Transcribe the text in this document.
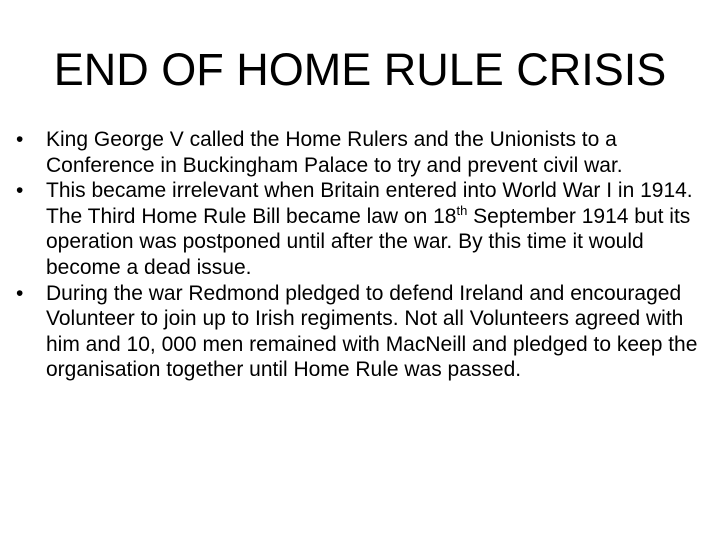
END OF HOME RULE CRISIS
•	King George V called the Home Rulers and the Unionists to a Conference in Buckingham Palace to try and prevent civil war.
•	This became irrelevant when Britain entered into World War I in 1914. The Third Home Rule Bill became law on 18th September 1914 but its operation was postponed until after the war. By this time it would become a dead issue.
•	During the war Redmond pledged to defend Ireland and encouraged Volunteer to join up to Irish regiments. Not all Volunteers agreed with him and 10, 000 men remained with MacNeill and pledged to keep the organisation together until Home Rule was passed.
